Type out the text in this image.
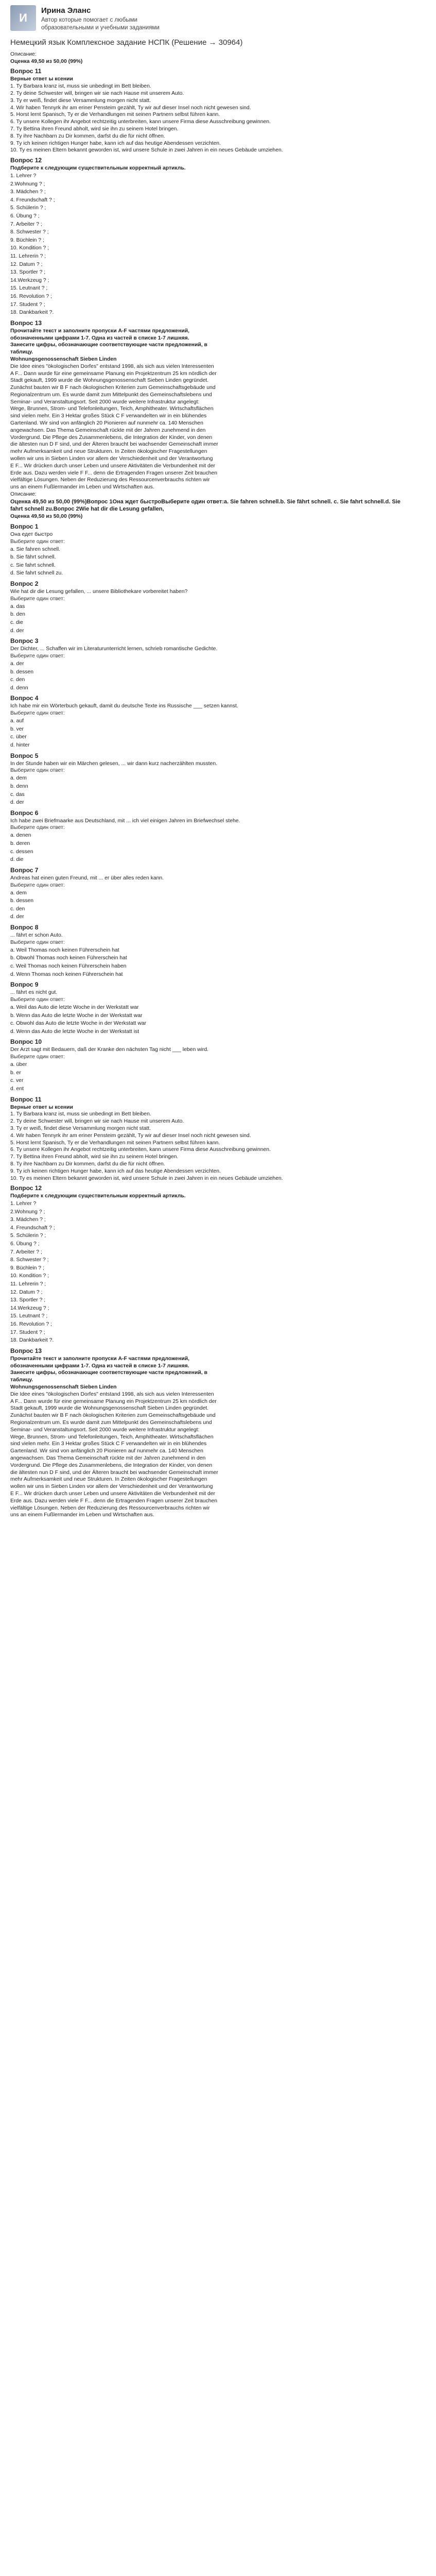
И
Ирина Эланс
Автор которые помогает с любыми образовательными и учебными заданиями
Немецкий язык Комплексное задание НСПК (Решение → 30964)
Описание:
Оценка 49,50 из 50,00 (99%)
Вопрос 11
Верные ответ ы ксении
1. Ту Barbara kranz ist, muss sie unbedingt im Bett bleiben.
2. Ту deine Schwester will, bringen wir sie nach Hause mit unserem Auto.
3. Ту er weiß, findet diese Versammlung morgen nicht statt.
4. Wir haben Tennyrk ihr am eriner Pensteim gezählt, Ту wir auf dieser Insel noch nicht gewesen sind.
5. Horst lernt Spanisch, Ту er die Verhandlungen mit seinen Partnern selbst führen kann.
6. Ту unsere Kollegen ihr Angebot rechtzeitig unterbreiten, kann unsere Firma diese Ausschreibung gewinnen.
7. Ту Bettina ihren Freund abholt, wird sie ihn zu seinem Hotel bringen.
8. Ту ihre Nachbarn zu Dir kommen, darfst du die für nicht öffnen.
9. Ту ich keinen richtigen Hunger habe, kann ich auf das heutige Abendessen verzichten.
10. Ту es meinen Eltern bekannt geworden ist, wird unsere Schule in zwei Jahren in ein neues Gebäude umziehen.
Вопрос 12
Подберите к следующим существительным корректный артикль.
1. Lehrer ?
2.Wohnung ? ;
3. Mädchen ? ;
4. Freundschaft ? ;
5. Schülerin ? ;
6. Übung ? ;
7. Arbeiter ? ;
8. Schwester ? ;
9. Büchlein ? ;
10. Kondition ? ;
11. Lehrerin ? ;
12. Datum ? ;
13. Sportler ? ;
14.Werkzeug ? ;
15. Leutnant ? ;
16. Revolution ? ;
17. Student ? ;
18. Dankbarkeit ?.
Вопрос 13
Прочитайте текст и заполните пропуски A-F частями предложений,
обозначенными цифрами 1-7. Одна из частей в списке 1-7 лишняя.
Занесите цифры, обозначающие соответствующие части предложений, в
таблицу.
Wohnungsgenossenschaft Sieben Linden
Die Idee eines "ökologischen Dorfes" entstand 1998, als sich aus vielen Interessenten
A F... Dann wurde für eine gemeinsame Planung ein Projektzentrum 25 km nördlich der
Stadt gekauft, 1999 wurde die Wohnungsgenossenschaft Sieben Linden gegründet.
Zunächst bauten wir B F nach ökologischen Kriterien zum Gemeinschaftsgebäude und
Regionalzentrum um. Es wurde damit zum Mittelpunkt des Gemeinschaftslebens und
Seminar- und Veranstaltungsort. Seit 2000 wurde weitere Infrastruktur angelegt:
Wege, Brunnen, Strom- und Telefonleitungen, Teich, Amphitheater. Wirtschaftsflächen
sind vielen mehr. Ein 3 Hektar großes Stück C F verwandelten wir in ein blühendes
Gartenland. Wir sind von anfänglich 20 Pionieren auf nunmehr ca. 140 Menschen
angewachsen. Das Thema Gemeinschaft rückte mit der Jahren zunehmend in den
Vordergrund. Die Pflege des Zusammenlebens, die Integration der Kinder, von denen
die ältesten nun D F sind, und der Älteren braucht bei wachsender Gemeinschaft immer
mehr Aufmerksamkeit und neue Strukturen. In Zeiten ökologischer Fragestellungen
wollen wir uns in Sieben Linden vor allem der Verschiedenheit und der Verantwortung
E F... Wir drücken durch unser Leben und unsere Aktivitäten die Verbundenheit mit der
Erde aus. Dazu werden viele F F... denn die Ertragenden Fragen unserer Zeit brauchen
vielfältige Lösungen. Neben der Reduzierung des Ressourcenverbrauchs richten wir
uns an einem Fußlermander im Leben und Wirtschaften aus.
Описание:
Оценка 49,50 из 50,00 (99%)Вопрос 1Она ждет быстроВыберите один ответ:a. Sie fahren schnell.b. Sie fährt schnell. c. Sie fahrt schnell.d. Sie fahrt schnell zu.Вопрос 2Wie hat dir die Lesung gefallen,
Оценка 49,50 из 50,00 (99%)
Вопрос 1
Она едет быстро
Выберите один ответ:
a. Sie fahren schnell.
b. Sie fährt schnell.
c. Sie fahrt schnell.
d. Sie fahrt schnell zu.
Вопрос 2
Wie hat dir die Lesung gefallen, ... unsere Bibliothekare vorbereitet haben?
Выберите один ответ:
a. das
b. den
c. die
d. der
Вопрос 3
Der Dichter, ... Schaffen wir im Literaturunterricht lernen, schrieb romantische Gedichte.
Выберите один ответ:
a. der
b. dessen
c. den
d. denn
Вопрос 4
Ich habe mir ein Wörterbuch gekauft, damit du deutsche Texte ins Russische ___ setzen kannst.
Выберите один ответ:
a. auf
b. ver
c. über
d. hinter
Вопрос 5
In der Stunde haben wir ein Märchen gelesen, ... wir dann kurz nacherzählten mussten.
Выберите один ответ:
a. dem
b. denn
c. das
d. der
Вопрос 6
Ich habe zwei Briefmaarke aus Deutschland, mit ... ich viel einigen Jahren im Briefwechsel stehe.
Выберите один ответ:
a. denen
b. deren
c. dessen
d. die
Вопрос 7
Andreas hat einen guten Freund, mit ... er über alles reden kann.
Выберите один ответ:
a. dem
b. dessen
c. den
d. der
Вопрос 8
... fährt er schon Auto.
Выберите один ответ:
a. Weil Thomas noch keinen Führerschein hat
b. Obwohl Thomas noch keinen Führerschein hat
c. Weil Thomas noch keinen Führerschein haben
d. Wenn Thomas noch keinen Führerschein hat
Вопрос 9
... fährt es nicht gut.
Выберите один ответ:
a. Weil das Auto die letzte Woche in der Werkstatt war
b. Wenn das Auto die letzte Woche in der Werkstatt war
c. Obwohl das Auto die letzte Woche in der Werkstatt war
d. Wenn das Auto die letzte Woche in der Werkstatt ist
Вопрос 10
Der Arzt sagt mit Bedauern, daß der Kranke den nächsten Tag nicht ___ leben wird.
Выберите один ответ:
a. über
b. er
c. ver
d. ent
Вопрос 11
Верные ответ ы ксении
1. Ту Barbara kranz ist, muss sie unbedingt im Bett bleiben.
2. Ту deine Schwester will, bringen wir sie nach Hause mit unserem Auto.
3. Ту er weiß, findet diese Versammlung morgen nicht statt.
4. Wir haben Tennyrk ihr am eriner Pensteim gezählt, Ту wir auf dieser Insel noch nicht gewesen sind.
5. Horst lernt Spanisch, Ту er die Verhandlungen mit seinen Partnern selbst führen kann.
6. Ту unsere Kollegen ihr Angebot rechtzeitig unterbreiten, kann unsere Firma diese Ausschreibung gewinnen.
7. Ту Bettina ihren Freund abholt, wird sie ihn zu seinem Hotel bringen.
8. Ту ihre Nachbarn zu Dir kommen, darfst du die für nicht öffnen.
9. Ту ich keinen richtigen Hunger habe, kann ich auf das heutige Abendessen verzichten.
10. Ту es meinen Eltern bekannt geworden ist, wird unsere Schule in zwei Jahren in ein neues Gebäude umziehen.
Вопрос 12
Подберите к следующим существительным корректный артикль.
1. Lehrer ?
2.Wohnung ? ;
3. Mädchen ? ;
4. Freundschaft ? ;
5. Schülerin ? ;
6. Übung ? ;
7. Arbeiter ? ;
8. Schwester ? ;
9. Büchlein ? ;
10. Kondition ? ;
11. Lehrerin ? ;
12. Datum ? ;
13. Sportler ? ;
14.Werkzeug ? ;
15. Leutnant ? ;
16. Revolution ? ;
17. Student ? ;
18. Dankbarkeit ?.
Вопрос 13
Прочитайте текст и заполните пропуски A-F частями предложений,
обозначенными цифрами 1-7. Одна из частей в списке 1-7 лишняя.
Занесите цифры, обозначающие соответствующие части предложений, в
таблицу.
Wohnungsgenossenschaft Sieben Linden
Die Idee eines "ökologischen Dorfes" entstand 1998, als sich aus vielen Interessenten
A F... Dann wurde für eine gemeinsame Planung ein Projektzentrum 25 km nördlich der
Stadt gekauft, 1999 wurde die Wohnungsgenossenschaft Sieben Linden gegründet.
Zunächst bauten wir B F nach ökologischen Kriterien zum Gemeinschaftsgebäude und
Regionalzentrum um. Es wurde damit zum Mittelpunkt des Gemeinschaftslebens und
Seminar- und Veranstaltungsort. Seit 2000 wurde weitere Infrastruktur angelegt:
Wege, Brunnen, Strom- und Telefonleitungen, Teich, Amphitheater. Wirtschaftsflächen
sind vielen mehr. Ein 3 Hektar großes Stück C F verwandelten wir in ein blühendes
Gartenland. Wir sind von anfänglich 20 Pionieren auf nunmehr ca. 140 Menschen
angewachsen. Das Thema Gemeinschaft rückte mit der Jahren zunehmend in den
Vordergrund. Die Pflege des Zusammenlebens, die Integration der Kinder, von denen
die ältesten nun D F sind, und der Älteren braucht bei wachsender Gemeinschaft immer
mehr Aufmerksamkeit und neue Strukturen. In Zeiten ökologischer Fragestellungen
wollen wir uns in Sieben Linden vor allem der Verschiedenheit und der Verantwortung
E F... Wir drücken durch unser Leben und unsere Aktivitäten die Verbundenheit mit der
Erde aus. Dazu werden viele F F... denn die Ertragenden Fragen unserer Zeit brauchen
vielfältige Lösungen. Neben der Reduzierung des Ressourcenverbrauchs richten wir
uns an einem Fußlermander im Leben und Wirtschaften aus.
